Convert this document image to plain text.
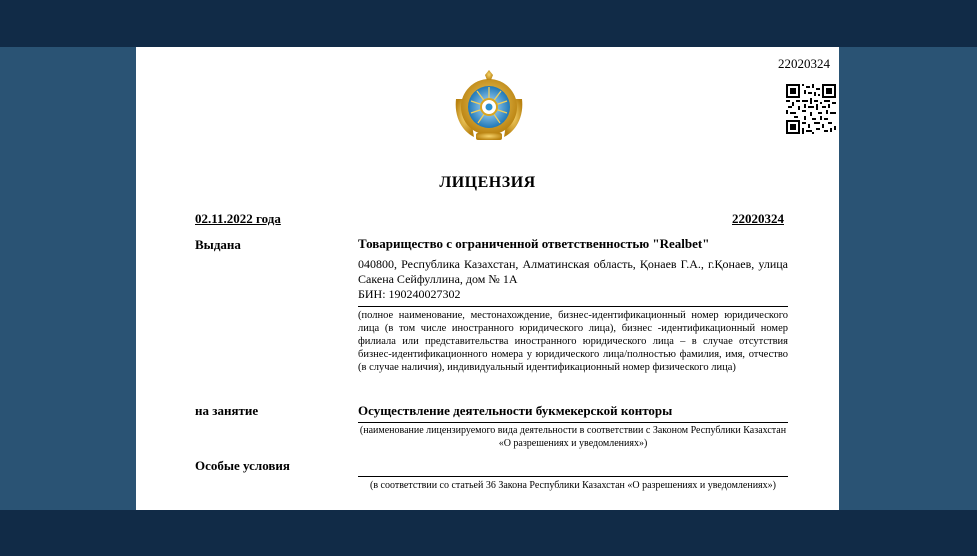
22020324
ЛИЦЕНЗИЯ
02.11.2022 года	22020324
Выдана	Товарищество с ограниченной ответственностью "Realbet"
040800, Республика Казахстан, Алматинская область, Қонаев Г.А., г.Қонаев, улица Сакена Сейфуллина, дом № 1А
БИН: 190240027302
(полное наименование, местонахождение, бизнес-идентификационный номер юридического лица (в том числе иностранного юридического лица), бизнес -идентификационный номер филиала или представительства иностранного юридического лица – в случае отсутствия бизнес-идентификационного номера у юридического лица/полностью фамилия, имя, отчество (в случае наличия), индивидуальный идентификационный номер физического лица)
на занятие	Осуществление деятельности букмекерской конторы
(наименование лицензируемого вида деятельности в соответствии с Законом Республики Казахстан «О разрешениях и уведомлениях»)
Особые условия
(в соответствии со статьей 36 Закона Республики Казахстан «О разрешениях и уведомлениях»)
